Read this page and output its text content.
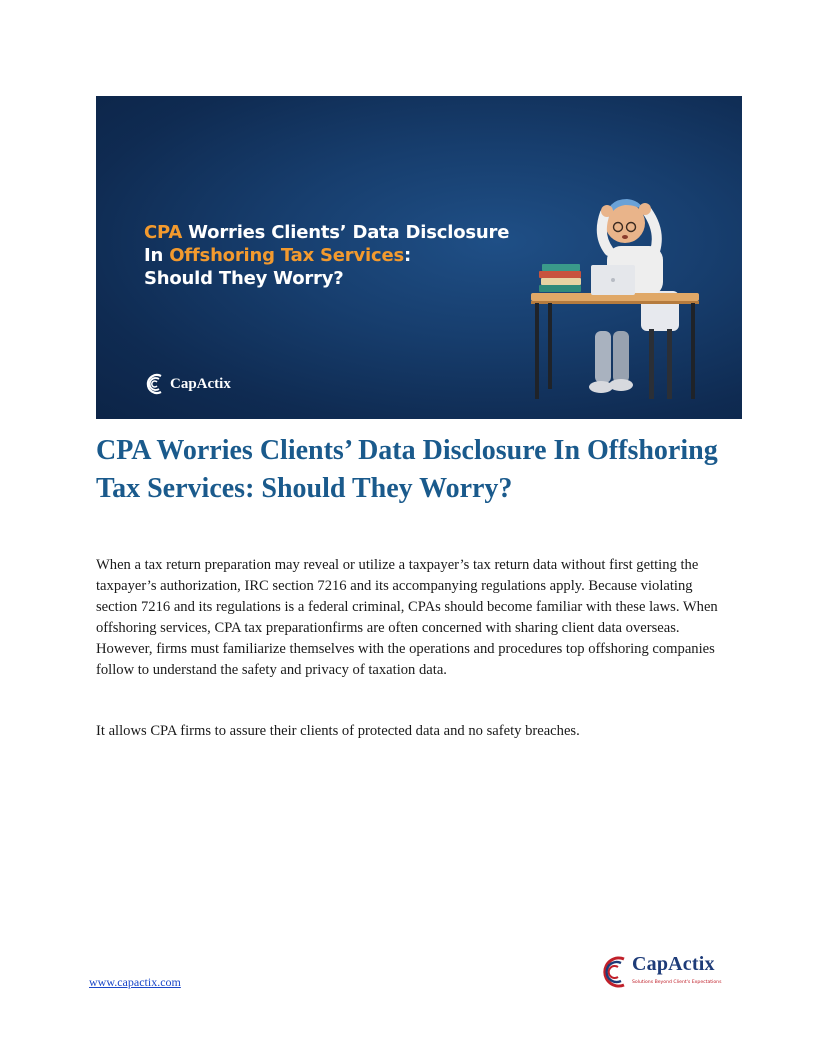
CPA Worries Clients’ Data Disclosure
In Offshoring Tax Services:
Should They Worry?
CapActix
CPA Worries Clients’ Data Disclosure In Offshoring Tax Services: Should They Worry?

When a tax return preparation may reveal or utilize a taxpayer’s tax return data without first getting the taxpayer’s authorization, IRC section 7216 and its accompanying regulations apply. Because violating section 7216 and its regulations is a federal criminal, CPAs should become familiar with these laws. When offshoring services, CPA tax preparationfirms are often concerned with sharing client data overseas. However, firms must familiarize themselves with the operations and procedures top offshoring companies follow to understand the safety and privacy of taxation data.

It allows CPA firms to assure their clients of protected data and no safety breaches.

www.capactix.com
CapActix
Solutions Beyond Client's Expectations
